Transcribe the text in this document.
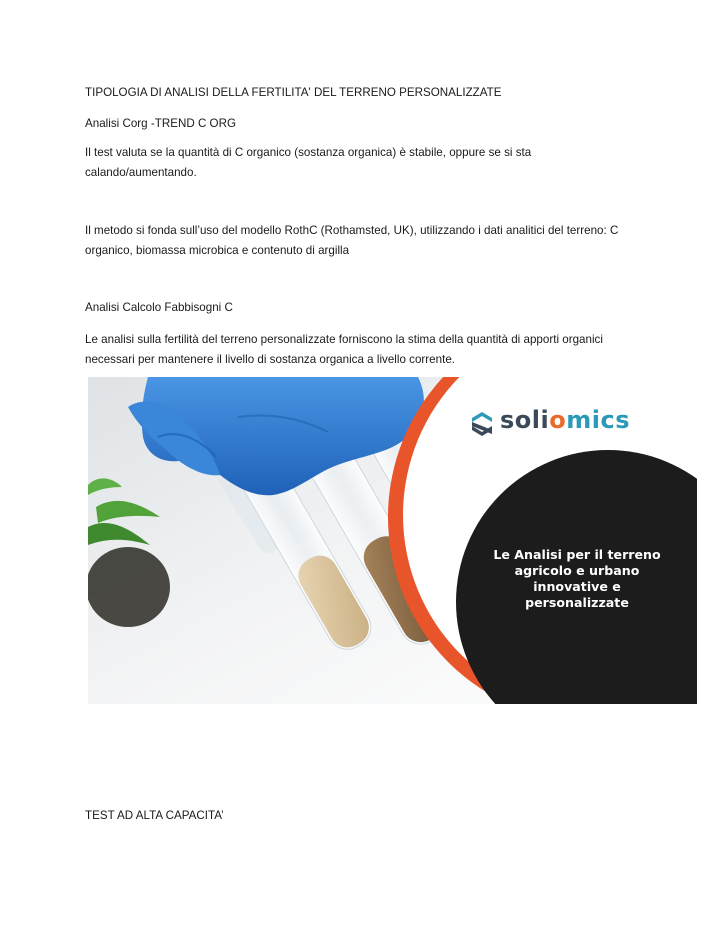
TIPOLOGIA DI ANALISI DELLA FERTILITA' DEL TERRENO PERSONALIZZATE

Analisi Corg -TREND C ORG

Il test valuta se la quantità di C organico (sostanza organica) è stabile, oppure se si sta calando/aumentando.

Il metodo si fonda sull’uso del modello RothC (Rothamsted, UK), utilizzando i dati analitici del terreno: C organico, biomassa microbica e contenuto di argilla

Analisi Calcolo Fabbisogni C

Le analisi sulla fertilità del terreno personalizzate forniscono la stima della quantità di apporti organici necessari per mantenere il livello di sostanza organica a livello corrente.

soliomics
Le Analisi per il terreno
agricolo e urbano
innovative e
personalizzate

TEST AD ALTA CAPACITA’
